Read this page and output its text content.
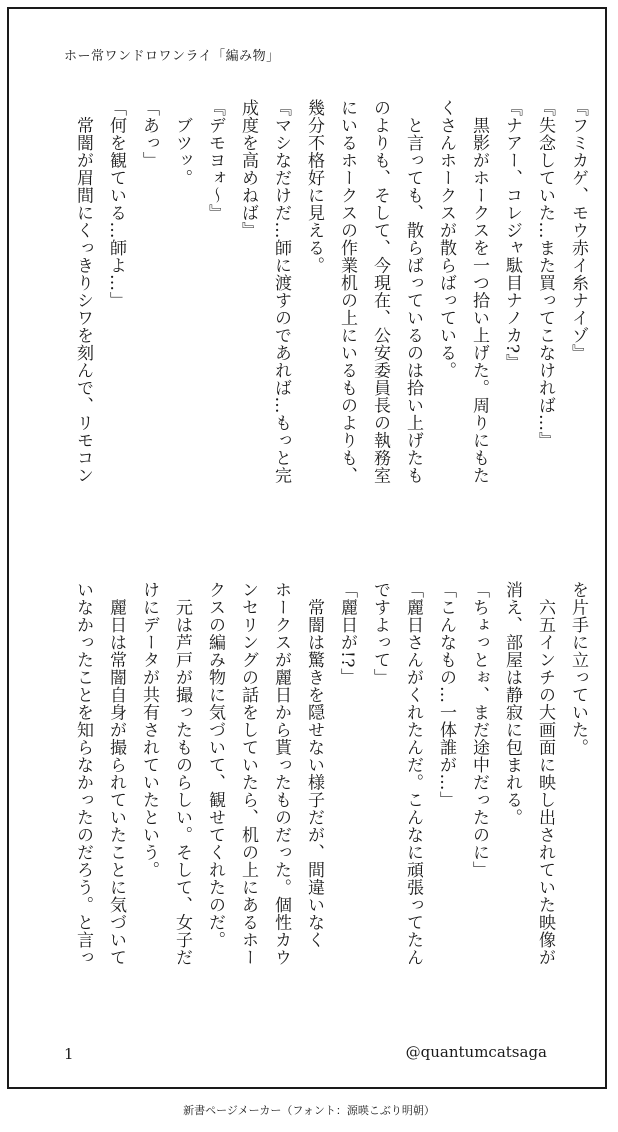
ホー常ワンドロワンライ「編み物」
『フミカゲ、モウ赤イ糸ナイゾ』
『失念していた…また買ってこなければ…』
『ナアー、コレジャ駄目ナノカ?』
　黒影がホークスを一つ拾い上げた。周りにもた
くさんホークスが散らばっている。
　と言っても、散らばっているのは拾い上げたも
のよりも、そして、今現在、公安委員長の執務室
にいるホークスの作業机の上にいるものよりも、
幾分不格好に見える。
『マシなだけだ…師に渡すのであれば…もっと完
成度を高めねば』
『デモヨォ～』
　ブツッ。
「あっ」
「何を観ている…師よ…」
　常闇が眉間にくっきりシワを刻んで、リモコン
を片手に立っていた。
　六五インチの大画面に映し出されていた映像が
消え、部屋は静寂に包まれる。
「ちょっとぉ、まだ途中だったのに」
「こんなもの…一体誰が…」
「麗日さんがくれたんだ。こんなに頑張ってたん
ですよって」
「麗日が!?」
　常闇は驚きを隠せない様子だが、間違いなく
ホークスが麗日から貰ったものだった。個性カウ
ンセリングの話をしていたら、机の上にあるホー
クスの編み物に気づいて、観せてくれたのだ。
　元は芦戸が撮ったものらしい。そして、女子だ
けにデータが共有されていたという。
　麗日は常闇自身が撮られていたことに気づいて
いなかったことを知らなかったのだろう。と言っ
1	@quantumcatsaga
新書ページメーカー（フォント：源暎こぶり明朝）
